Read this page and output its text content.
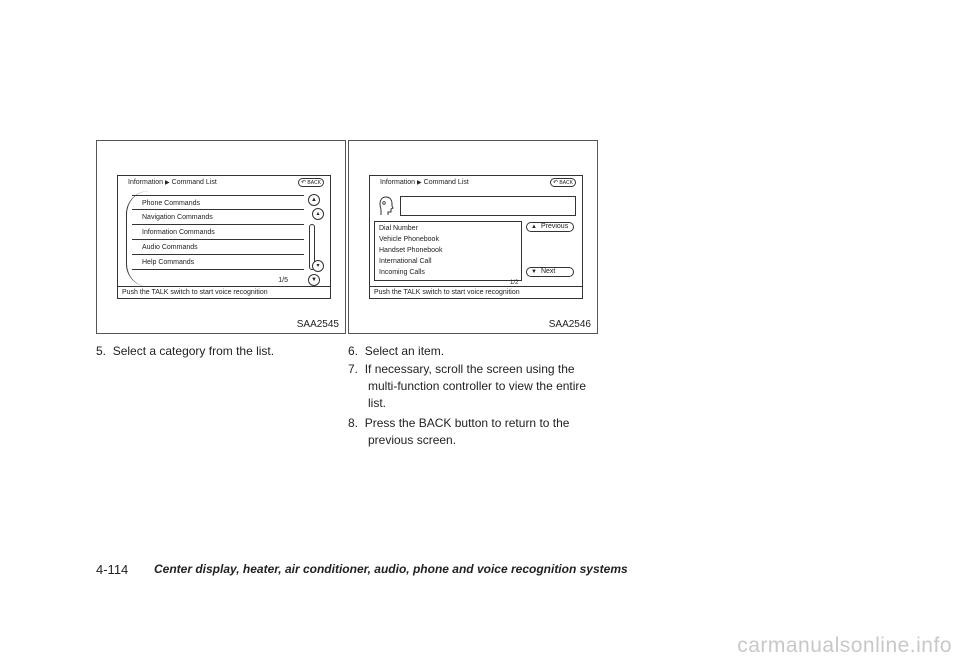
Information ▶ Command List	↶ BACK
Phone Commands
Navigation Commands
Information Commands
Audio Commands
Help Commands
▲
▴
▾
▼
1/5
Push the TALK switch to start voice recognition
SAA2545
Information ▶ Command List	↶ BACK
Dial Number
Vehicle Phonebook
Handset Phonebook
International Call
Incoming Calls
1/2
▲ Previous
▼ Next
Push the TALK switch to start voice recognition
SAA2546
5. Select a category from the list.	6. Select an item.
7. If necessary, scroll the screen using the
multi-function controller to view the entire
list.
8. Press the BACK button to return to the
previous screen.
4-114 Center display, heater, air conditioner, audio, phone and voice recognition systems
carmanualsonline.info
